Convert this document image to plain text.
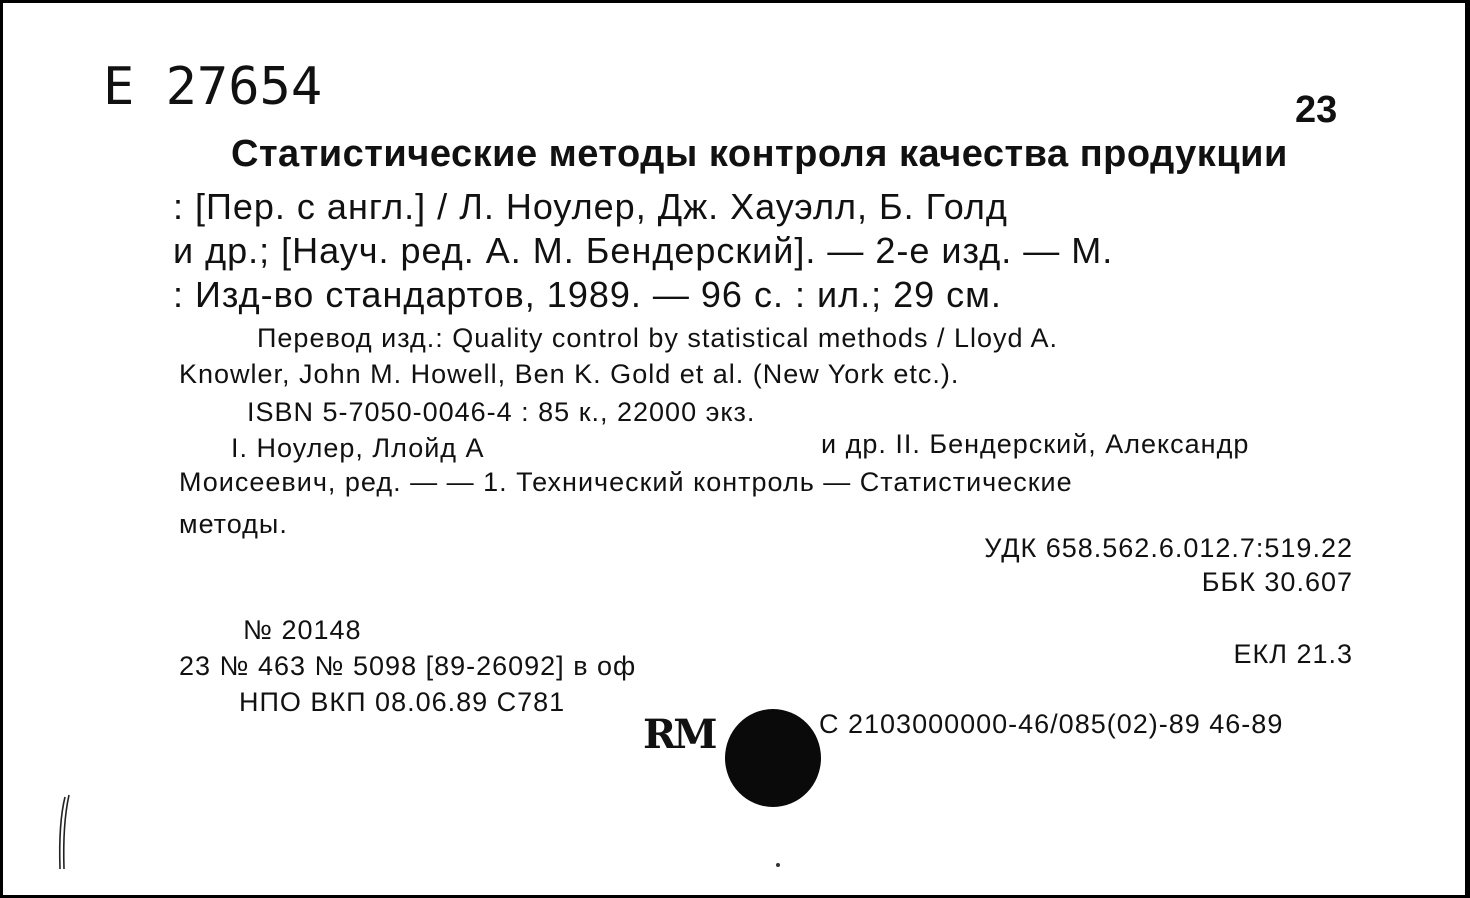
Е 27654	23
Статистические методы контроля качества продукции
: [Пер. с англ.] / Л. Ноулер, Дж. Хауэлл, Б. Голд
и др.; [Науч. ред. А. М. Бендерский]. — 2-е изд. — М.
: Изд-во стандартов, 1989. — 96 с. : ил.; 29 см.
Перевод изд.: Quality control by statistical methods / Lloyd A.
Knowler, John M. Howell, Ben K. Gold et al. (New York etc.).
ISBN 5-7050-0046-4 : 85 к., 22000 экз.
I. Ноулер, Ллойд А	и др. II. Бендерский, Александр
Моисеевич, ред. — — 1. Технический контроль — Статистические
методы.
УДК 658.562.6.012.7:519.22
ББК 30.607
№ 20148
23 № 463 № 5098 [89-26092] в оф
НПО ВКП 08.06.89 С781
ЕКЛ 21.3
С 2103000000-46/085(02)-89 46-89
RM
